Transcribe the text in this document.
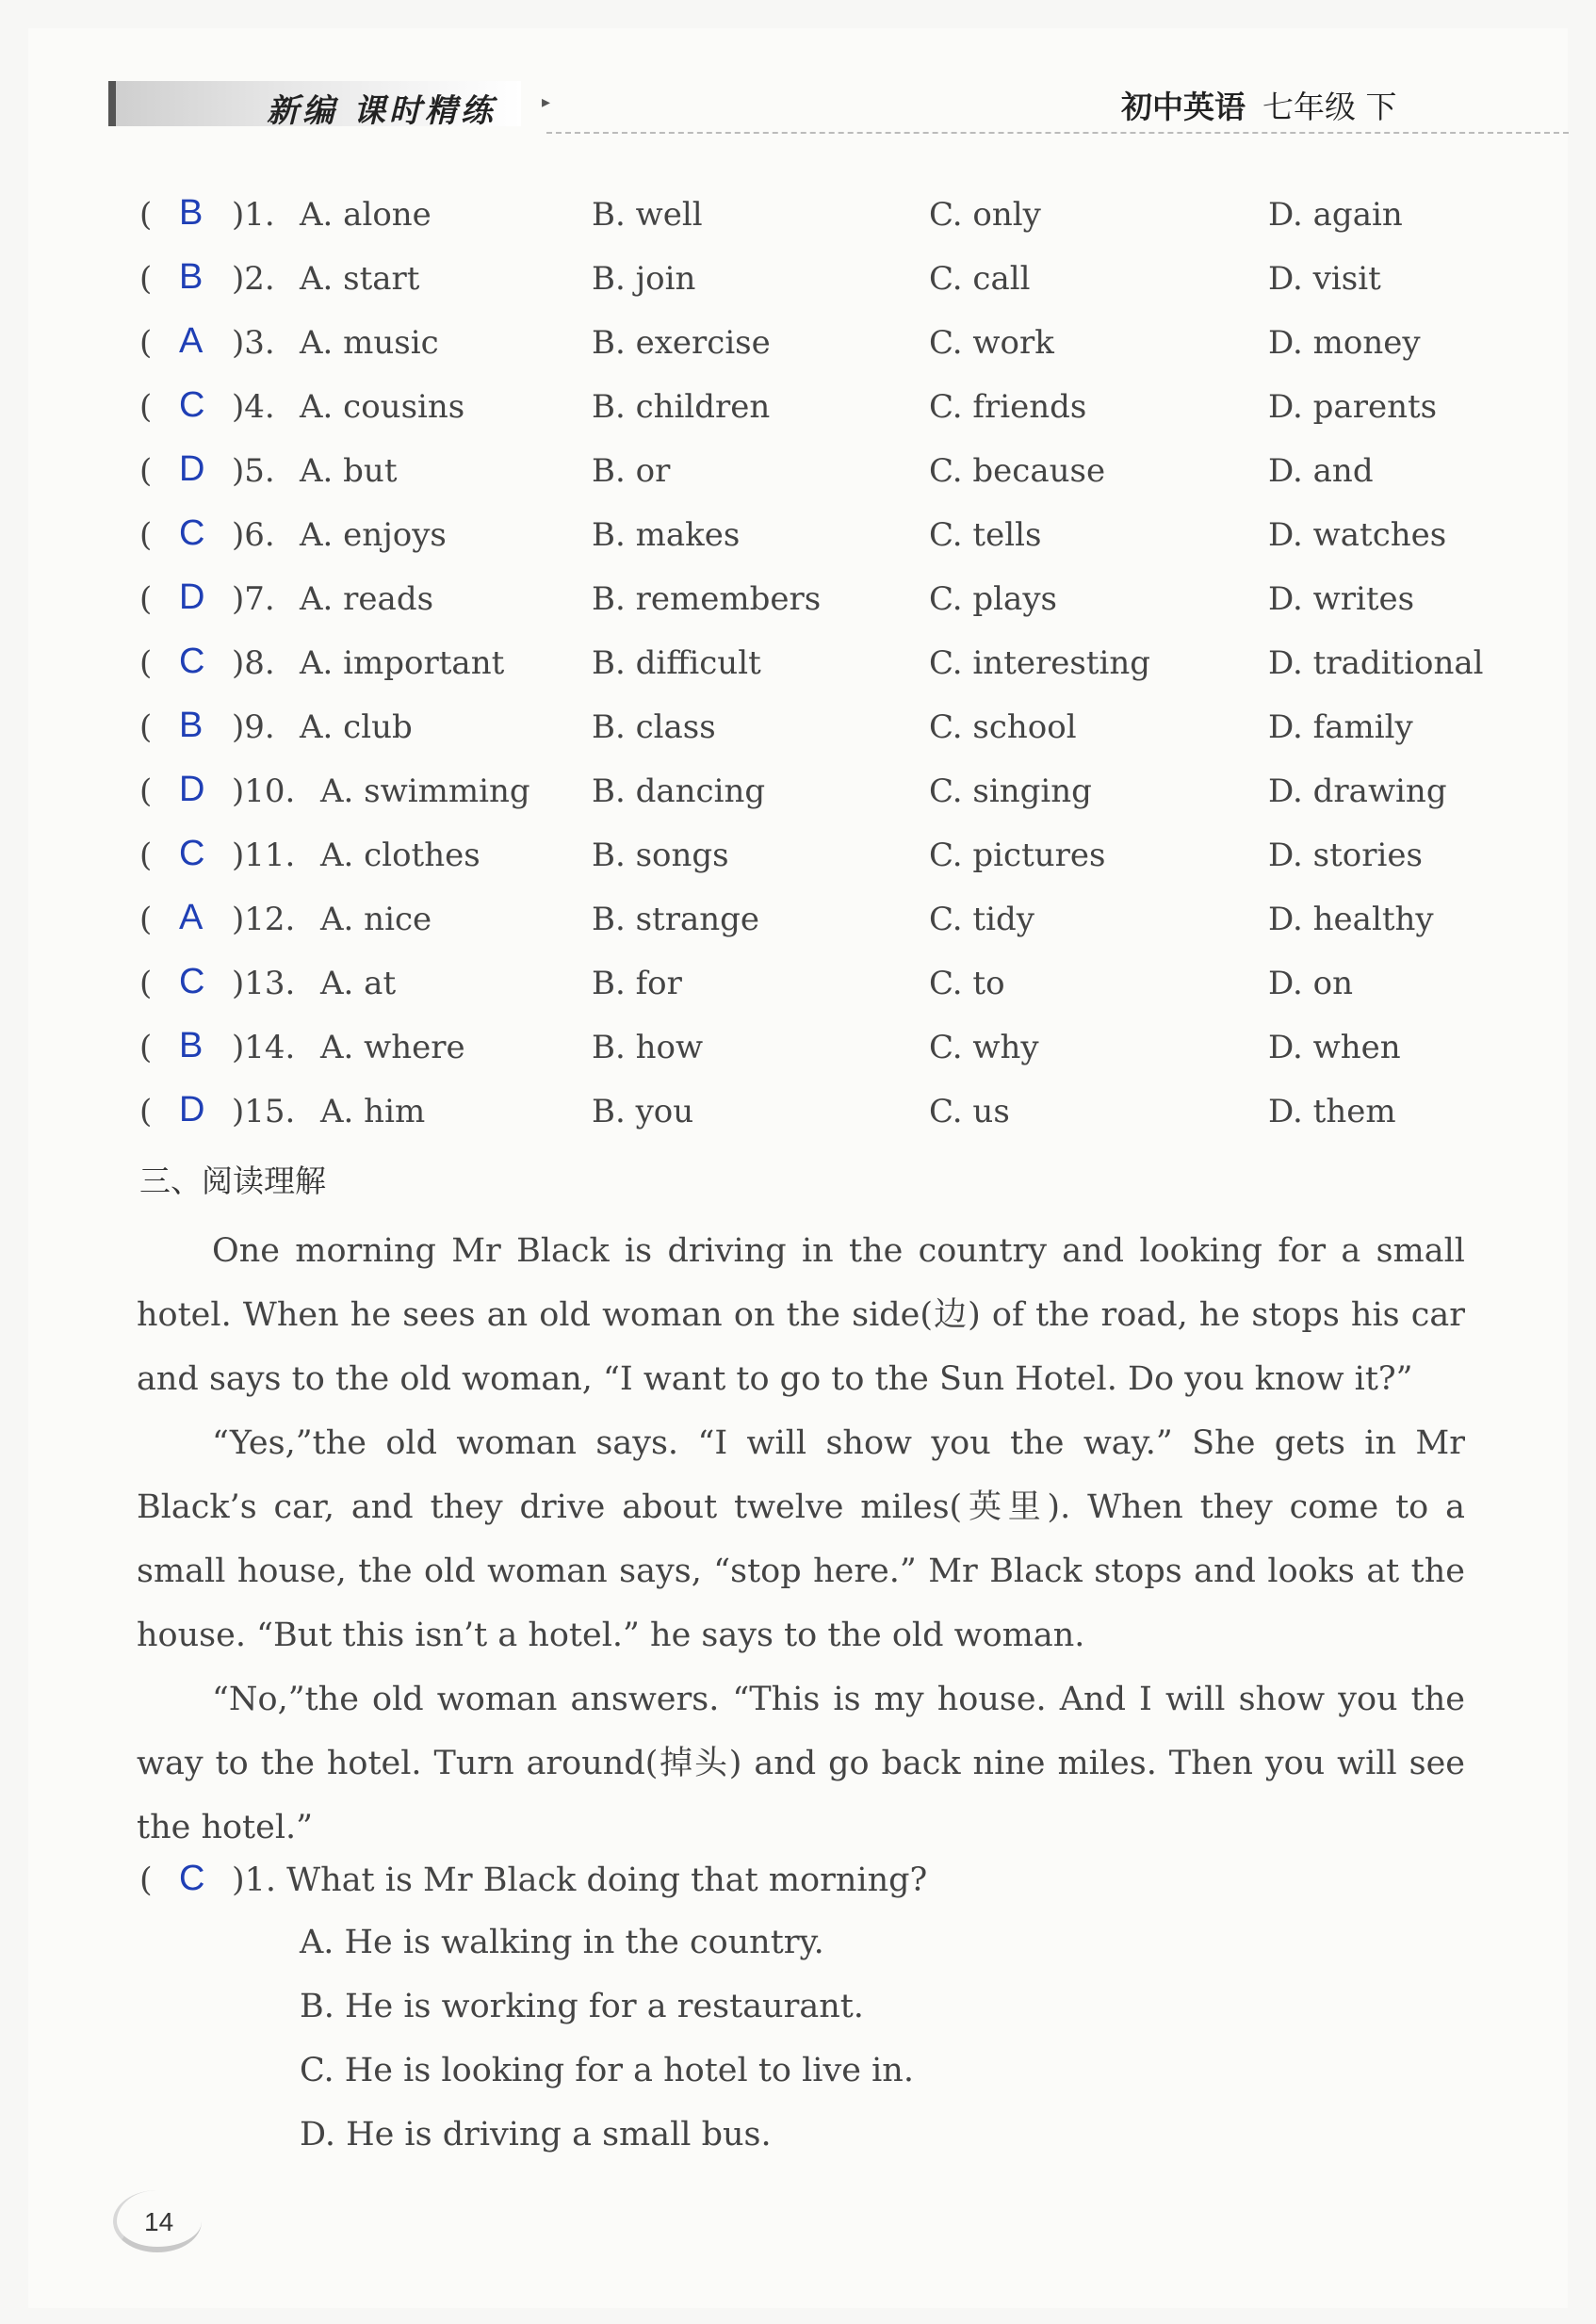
新编 课时精练	▸	初中英语 七年级 下
( B )1. A. alone	B. well	C. only	D. again
( B )2. A. start	B. join	C. call	D. visit
( A )3. A. music	B. exercise	C. work	D. money
( C )4. A. cousins	B. children	C. friends	D. parents
( D )5. A. but	B. or	C. because	D. and
( C )6. A. enjoys	B. makes	C. tells	D. watches
( D )7. A. reads	B. remembers	C. plays	D. writes
( C )8. A. important	B. difficult	C. interesting	D. traditional
( B )9. A. club	B. class	C. school	D. family
( D )10. A. swimming B. dancing	C. singing	D. drawing
( C )11. A. clothes	B. songs	C. pictures	D. stories
( A )12. A. nice	B. strange	C. tidy	D. healthy
( C )13. A. at	B. for	C. to	D. on
( B )14. A. where	B. how	C. why	D. when
( D )15. A. him	B. you	C. us	D. them
三、阅读理解

One morning Mr Black is driving in the country and looking for a small hotel. When he sees an old woman on the side(边) of the road, he stops his car and says to the old woman, “I want to go to the Sun Hotel. Do you know it?”

“Yes,”the old woman says. “I will show you the way.” She gets in Mr Black’s car, and they drive about twelve miles(英里). When they come to a small house, the old woman says, “stop here.” Mr Black stops and looks at the house. “But this isn’t a hotel.” he says to the old woman.

“No,”the old woman answers. “This is my house. And I will show you the way to the hotel. Turn around(掉头) and go back nine miles. Then you will see the hotel.”

( C )1. What is Mr Black doing that morning?
A. He is walking in the country.
B. He is working for a restaurant.
C. He is looking for a hotel to live in.
D. He is driving a small bus.
14
